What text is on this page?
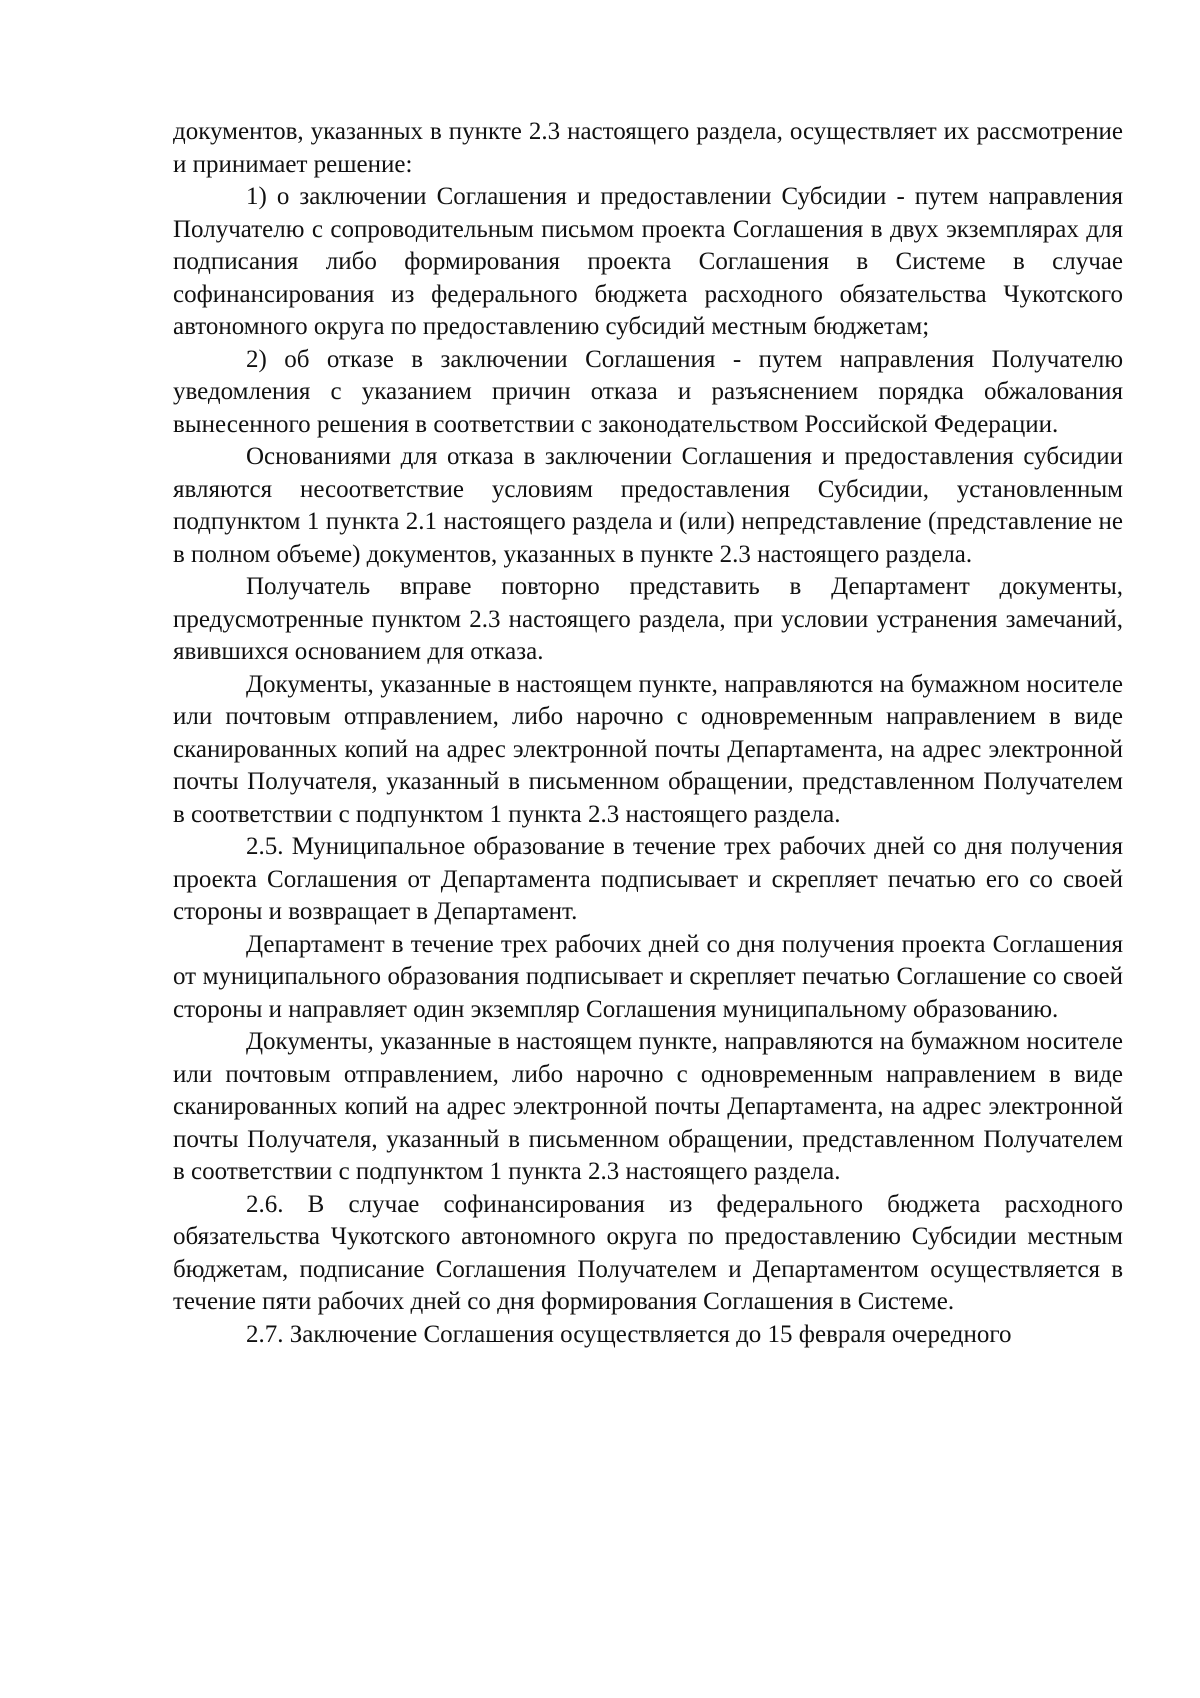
документов, указанных в пункте 2.3 настоящего раздела, осуществляет их рассмотрение и принимает решение:

1) о заключении Соглашения и предоставлении Субсидии - путем направления Получателю с сопроводительным письмом проекта Соглашения в двух экземплярах для подписания либо формирования проекта Соглашения в Системе в случае софинансирования из федерального бюджета расходного обязательства Чукотского автономного округа по предоставлению субсидий местным бюджетам;

2) об отказе в заключении Соглашения - путем направления Получателю уведомления с указанием причин отказа и разъяснением порядка обжалования вынесенного решения в соответствии с законодательством Российской Федерации.

Основаниями для отказа в заключении Соглашения и предоставления субсидии являются несоответствие условиям предоставления Субсидии, установленным подпунктом 1 пункта 2.1 настоящего раздела и (или) непредставление (представление не в полном объеме) документов, указанных в пункте 2.3 настоящего раздела.

Получатель вправе повторно представить в Департамент документы, предусмотренные пунктом 2.3 настоящего раздела, при условии устранения замечаний, явившихся основанием для отказа.

Документы, указанные в настоящем пункте, направляются на бумажном носителе или почтовым отправлением, либо нарочно с одновременным направлением в виде сканированных копий на адрес электронной почты Департамента, на адрес электронной почты Получателя, указанный в письменном обращении, представленном Получателем в соответствии с подпунктом 1 пункта 2.3 настоящего раздела.

2.5. Муниципальное образование в течение трех рабочих дней со дня получения проекта Соглашения от Департамента подписывает и скрепляет печатью его со своей стороны и возвращает в Департамент.

Департамент в течение трех рабочих дней со дня получения проекта Соглашения от муниципального образования подписывает и скрепляет печатью Соглашение со своей стороны и направляет один экземпляр Соглашения муниципальному образованию.

Документы, указанные в настоящем пункте, направляются на бумажном носителе или почтовым отправлением, либо нарочно с одновременным направлением в виде сканированных копий на адрес электронной почты Департамента, на адрес электронной почты Получателя, указанный в письменном обращении, представленном Получателем в соответствии с подпунктом 1 пункта 2.3 настоящего раздела.

2.6. В случае софинансирования из федерального бюджета расходного обязательства Чукотского автономного округа по предоставлению Субсидии местным бюджетам, подписание Соглашения Получателем и Департаментом осуществляется в течение пяти рабочих дней со дня формирования Соглашения в Системе.

2.7. Заключение Соглашения осуществляется до 15 февраля очередного
